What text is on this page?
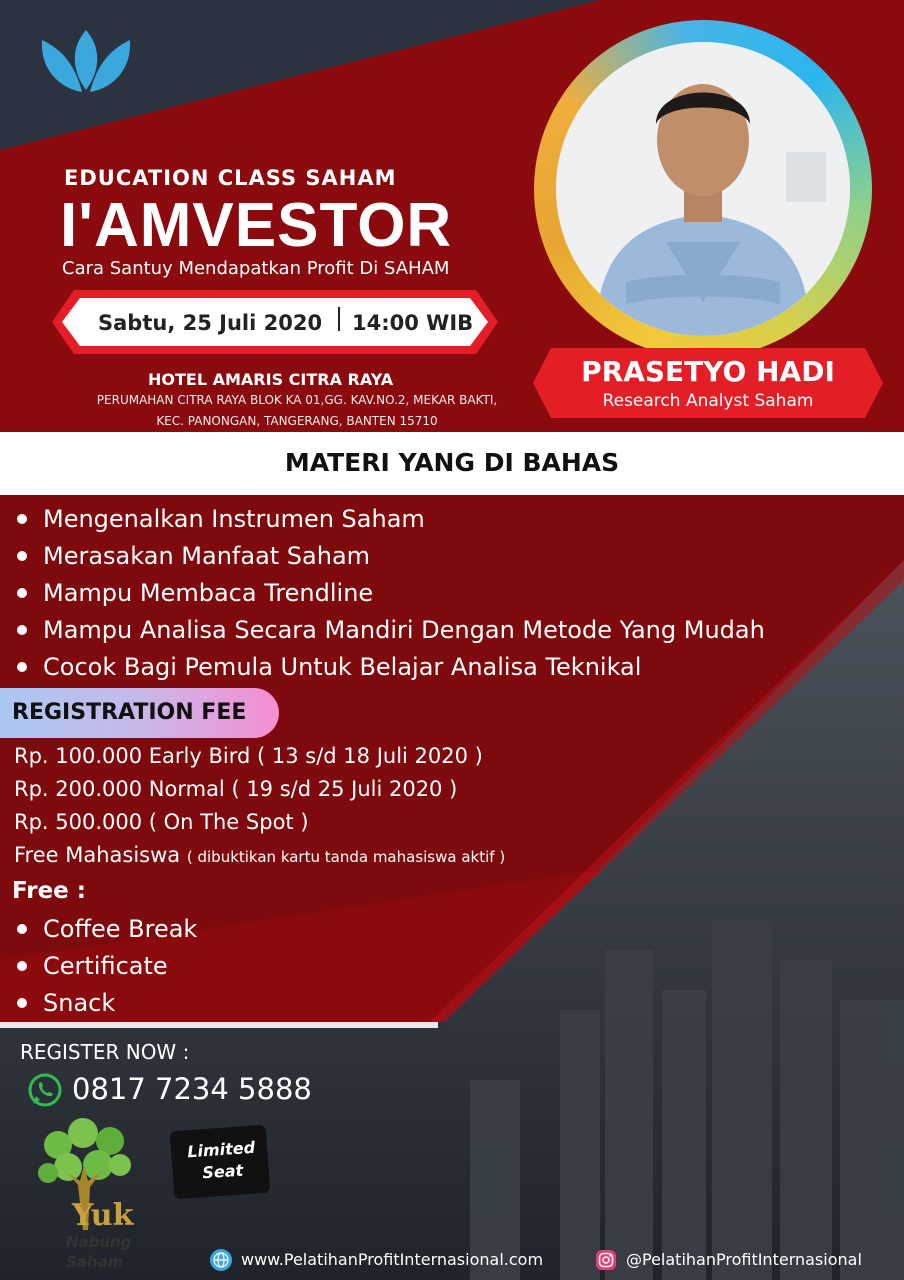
EDUCATION CLASS SAHAM
I'AMVESTOR
Cara Santuy Mendapatkan Profit Di SAHAM
Sabtu, 25 Juli 2020 14:00 WIB
HOTEL AMARIS CITRA RAYA
PERUMAHAN CITRA RAYA BLOK KA 01,GG. KAV.NO.2, MEKAR BAKTI, KEC. PANONGAN, TANGERANG, BANTEN 15710
PRASETYO HADI
Research Analyst Saham
MATERI YANG DI BAHAS
Mengenalkan Instrumen Saham
Merasakan Manfaat Saham
Mampu Membaca Trendline
Mampu Analisa Secara Mandiri Dengan Metode Yang Mudah
Cocok Bagi Pemula Untuk Belajar Analisa Teknikal
REGISTRATION FEE
Rp. 100.000 Early Bird ( 13 s/d 18 Juli 2020 )
Rp. 200.000 Normal ( 19 s/d 25 Juli 2020 )
Rp. 500.000 ( On The Spot )
Free Mahasiswa ( dibuktikan kartu tanda mahasiswa aktif )
Free :
Coffee Break
Certificate
Snack
REGISTER NOW :
0817 7234 5888
Yuk
Nabung
Saham
Limited
Seat
www.PelatihanProfitInternasional.com	@PelatihanProfitInternasional
